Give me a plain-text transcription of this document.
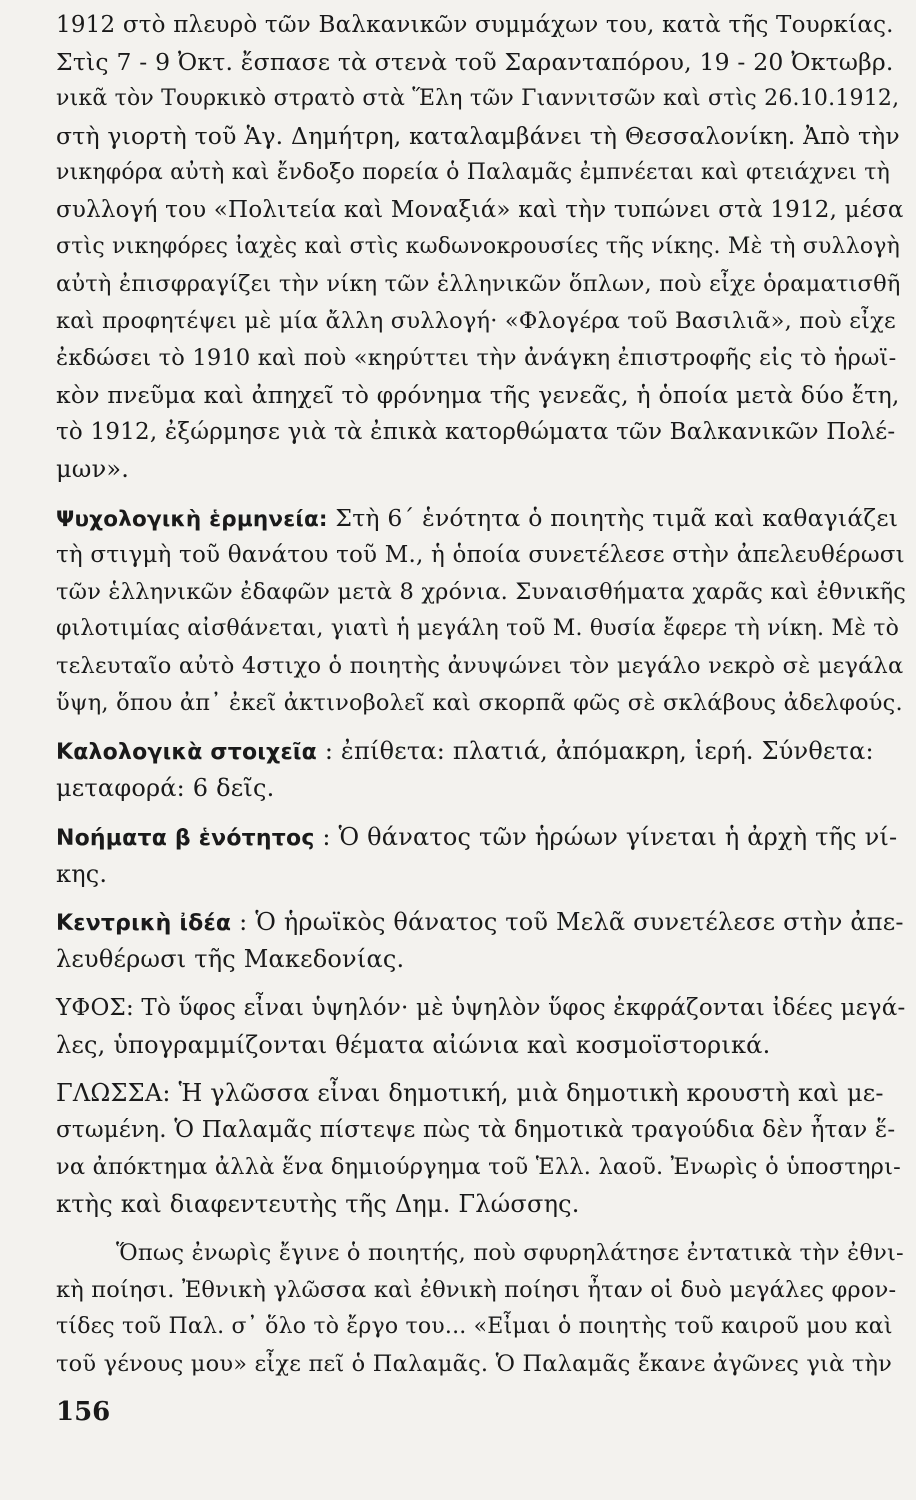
1912 στὸ πλευρὸ τῶν Βαλκανικῶν συμμάχων του, κατὰ τῆς Τουρκίας.
Στὶς 7 - 9 Ὀκτ. ἔσπασε τὰ στενὰ τοῦ Σαρανταπόρου, 19 - 20 Ὀκτωβρ.
νικᾶ τὸν Τουρκικὸ στρατὸ στὰ Ἕλη τῶν Γιαννιτσῶν καὶ στὶς 26.10.1912,
στὴ γιορτὴ τοῦ Ἁγ. Δημήτρη, καταλαμβάνει τὴ Θεσσαλονίκη. Ἀπὸ τὴν
νικηφόρα αὐτὴ καὶ ἔνδοξο πορεία ὁ Παλαμᾶς ἐμπνέεται καὶ φτειάχνει τὴ
συλλογή του «Πολιτεία καὶ Μοναξιά» καὶ τὴν τυπώνει στὰ 1912, μέσα
στὶς νικηφόρες ἰαχὲς καὶ στὶς κωδωνοκρουσίες τῆς νίκης. Μὲ τὴ συλλογὴ
αὐτὴ ἐπισφραγίζει τὴν νίκη τῶν ἑλληνικῶν ὅπλων, ποὺ εἶχε ὁραματισθῆ
καὶ προφητέψει μὲ μία ἄλλη συλλογή· «Φλογέρα τοῦ Βασιλιᾶ», ποὺ εἶχε
ἐκδώσει τὸ 1910 καὶ ποὺ «κηρύττει τὴν ἀνάγκη ἐπιστροφῆς εἰς τὸ ἡρωϊ-
κὸν πνεῦμα καὶ ἀπηχεῖ τὸ φρόνημα τῆς γενεᾶς, ἡ ὁποία μετὰ δύο ἔτη,
τὸ 1912, ἐξώρμησε γιὰ τὰ ἐπικὰ κατορθώματα τῶν Βαλκανικῶν Πολέ-
μων».
Ψυχολογικὴ ἑρμηνεία: Στὴ 6΄ ἑνότητα ὁ ποιητὴς τιμᾶ καὶ καθαγιάζει
τὴ στιγμὴ τοῦ θανάτου τοῦ Μ., ἡ ὁποία συνετέλεσε στὴν ἀπελευθέρωσι
τῶν ἑλληνικῶν ἐδαφῶν μετὰ 8 χρόνια. Συναισθήματα χαρᾶς καὶ ἐθνικῆς
φιλοτιμίας αἰσθάνεται, γιατὶ ἡ μεγάλη τοῦ Μ. θυσία ἔφερε τὴ νίκη. Μὲ τὸ
τελευταῖο αὐτὸ 4στιχο ὁ ποιητὴς ἀνυψώνει τὸν μεγάλο νεκρὸ σὲ μεγάλα
ὕψη, ὅπου ἀπ᾿ ἐκεῖ ἀκτινοβολεῖ καὶ σκορπᾶ φῶς σὲ σκλάβους ἀδελφούς.
Καλολογικὰ στοιχεῖα : ἐπίθετα: πλατιά, ἀπόμακρη, ἱερή. Σύνθετα:
μεταφορά: 6 δεῖς.
Νοήματα β ἑνότητος : Ὁ θάνατος τῶν ἡρώων γίνεται ἡ ἀρχὴ τῆς νί-
κης.
Κεντρικὴ ἰδέα : Ὁ ἡρωϊκὸς θάνατος τοῦ Μελᾶ συνετέλεσε στὴν ἀπε-
λευθέρωσι τῆς Μακεδονίας.
ΥΦΟΣ: Τὸ ὕφος εἶναι ὑψηλόν· μὲ ὑψηλὸν ὕφος ἐκφράζονται ἰδέες μεγά-
λες, ὑπογραμμίζονται θέματα αἰώνια καὶ κοσμοϊστορικά.
ΓΛΩΣΣΑ: Ἡ γλῶσσα εἶναι δημοτική, μιὰ δημοτικὴ κρουστὴ καὶ με-
στωμένη. Ὁ Παλαμᾶς πίστεψε πὼς τὰ δημοτικὰ τραγούδια δὲν ἦταν ἕ-
να ἀπόκτημα ἀλλὰ ἕνα δημιούργημα τοῦ Ἑλλ. λαοῦ. Ἐνωρὶς ὁ ὑποστηρι-
κτὴς καὶ διαφεντευτὴς τῆς Δημ. Γλώσσης.
Ὅπως ἐνωρὶς ἔγινε ὁ ποιητής, ποὺ σφυρηλάτησε ἐντατικὰ τὴν ἐθνι-
κὴ ποίησι. Ἐθνικὴ γλῶσσα καὶ ἐθνικὴ ποίησι ἦταν οἱ δυὸ μεγάλες φρον-
τίδες τοῦ Παλ. σ᾿ ὅλο τὸ ἔργο του... «Εἶμαι ὁ ποιητὴς τοῦ καιροῦ μου καὶ
τοῦ γένους μου» εἶχε πεῖ ὁ Παλαμᾶς. Ὁ Παλαμᾶς ἔκανε ἀγῶνες γιὰ τὴν
156
